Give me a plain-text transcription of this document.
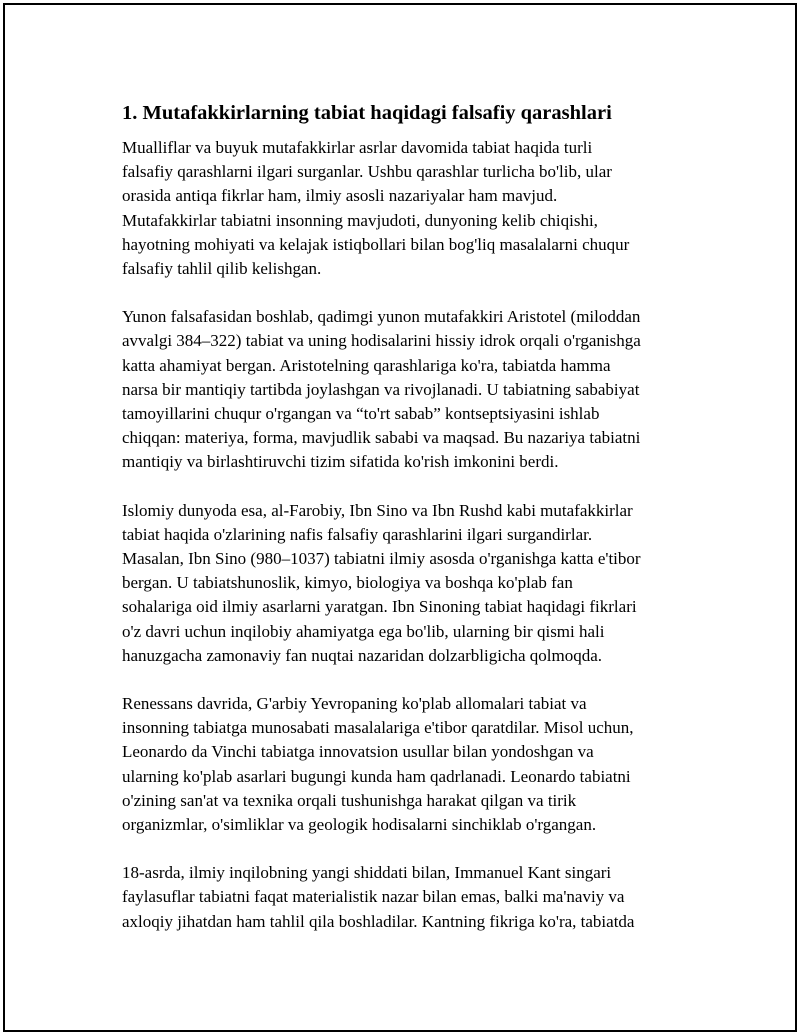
1. Mutafakkirlarning tabiat haqidagi falsafiy qarashlari

Mualliflar va buyuk mutafakkirlar asrlar davomida tabiat haqida turli
falsafiy qarashlarni ilgari surganlar. Ushbu qarashlar turlicha bo'lib, ular
orasida antiqa fikrlar ham, ilmiy asosli nazariyalar ham mavjud.
Mutafakkirlar tabiatni insonning mavjudoti, dunyoning kelib chiqishi,
hayotning mohiyati va kelajak istiqbollari bilan bog'liq masalalarni chuqur
falsafiy tahlil qilib kelishgan.

Yunon falsafasidan boshlab, qadimgi yunon mutafakkiri Aristotel (miloddan
avvalgi 384–322) tabiat va uning hodisalarini hissiy idrok orqali o'rganishga
katta ahamiyat bergan. Aristotelning qarashlariga ko'ra, tabiatda hamma
narsa bir mantiqiy tartibda joylashgan va rivojlanadi. U tabiatning sababiyat
tamoyillarini chuqur o'rgangan va “to'rt sabab” kontseptsiyasini ishlab
chiqqan: materiya, forma, mavjudlik sababi va maqsad. Bu nazariya tabiatni
mantiqiy va birlashtiruvchi tizim sifatida ko'rish imkonini berdi.

Islomiy dunyoda esa, al-Farobiy, Ibn Sino va Ibn Rushd kabi mutafakkirlar
tabiat haqida o'zlarining nafis falsafiy qarashlarini ilgari surgandirlar.
Masalan, Ibn Sino (980–1037) tabiatni ilmiy asosda o'rganishga katta e'tibor
bergan. U tabiatshunoslik, kimyo, biologiya va boshqa ko'plab fan
sohalariga oid ilmiy asarlarni yaratgan. Ibn Sinoning tabiat haqidagi fikrlari
o'z davri uchun inqilobiy ahamiyatga ega bo'lib, ularning bir qismi hali
hanuzgacha zamonaviy fan nuqtai nazaridan dolzarbligicha qolmoqda.

Renessans davrida, G'arbiy Yevropaning ko'plab allomalari tabiat va
insonning tabiatga munosabati masalalariga e'tibor qaratdilar. Misol uchun,
Leonardo da Vinchi tabiatga innovatsion usullar bilan yondoshgan va
ularning ko'plab asarlari bugungi kunda ham qadrlanadi. Leonardo tabiatni
o'zining san'at va texnika orqali tushunishga harakat qilgan va tirik
organizmlar, o'simliklar va geologik hodisalarni sinchiklab o'rgangan.

18-asrda, ilmiy inqilobning yangi shiddati bilan, Immanuel Kant singari
faylasuflar tabiatni faqat materialistik nazar bilan emas, balki ma'naviy va
axloqiy jihatdan ham tahlil qila boshladilar. Kantning fikriga ko'ra, tabiatda
